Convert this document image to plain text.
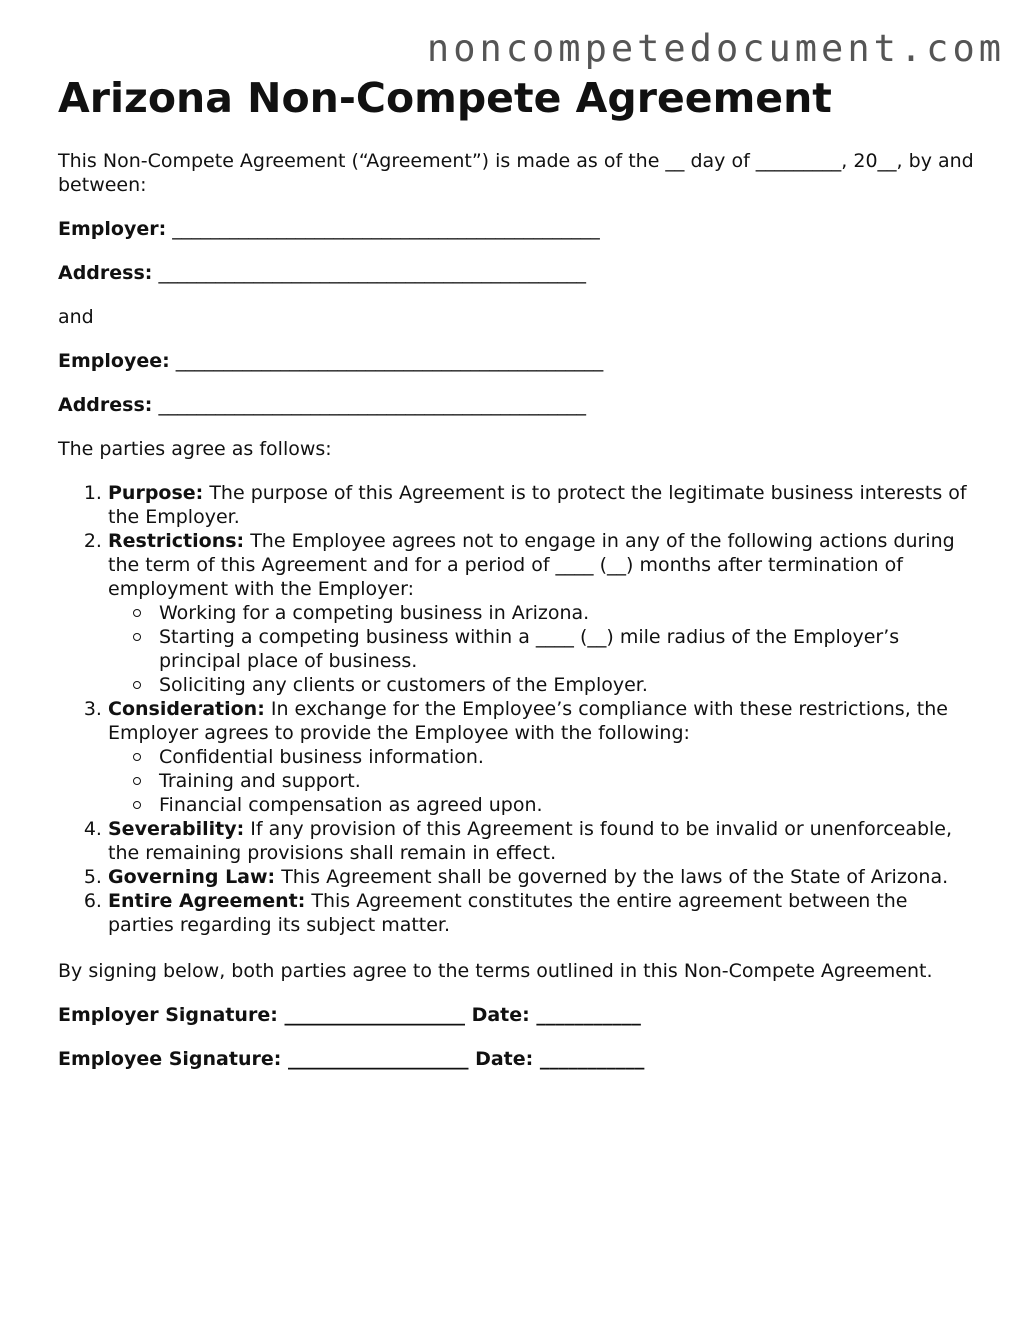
noncompetedocument.com
Arizona Non-Compete Agreement

This Non-Compete Agreement (“Agreement”) is made as of the __ day of _________, 20__, by and between:

Employer: _____________________________________________

Address: _____________________________________________

and

Employee: _____________________________________________

Address: _____________________________________________

The parties agree as follows:

1. Purpose: The purpose of this Agreement is to protect the legitimate business interests of the Employer.
2. Restrictions: The Employee agrees not to engage in any of the following actions during the term of this Agreement and for a period of ____ (__) months after termination of employment with the Employer:
Working for a competing business in Arizona.
Starting a competing business within a ____ (__) mile radius of the Employer’s principal place of business.
Soliciting any clients or customers of the Employer.
3. Consideration: In exchange for the Employee’s compliance with these restrictions, the Employer agrees to provide the Employee with the following:
Confidential business information.
Training and support.
Financial compensation as agreed upon.
4. Severability: If any provision of this Agreement is found to be invalid or unenforceable, the remaining provisions shall remain in effect.
5. Governing Law: This Agreement shall be governed by the laws of the State of Arizona.
6. Entire Agreement: This Agreement constitutes the entire agreement between the parties regarding its subject matter.

By signing below, both parties agree to the terms outlined in this Non-Compete Agreement.

Employer Signature: ___________________ Date: ___________

Employee Signature: ___________________ Date: ___________
